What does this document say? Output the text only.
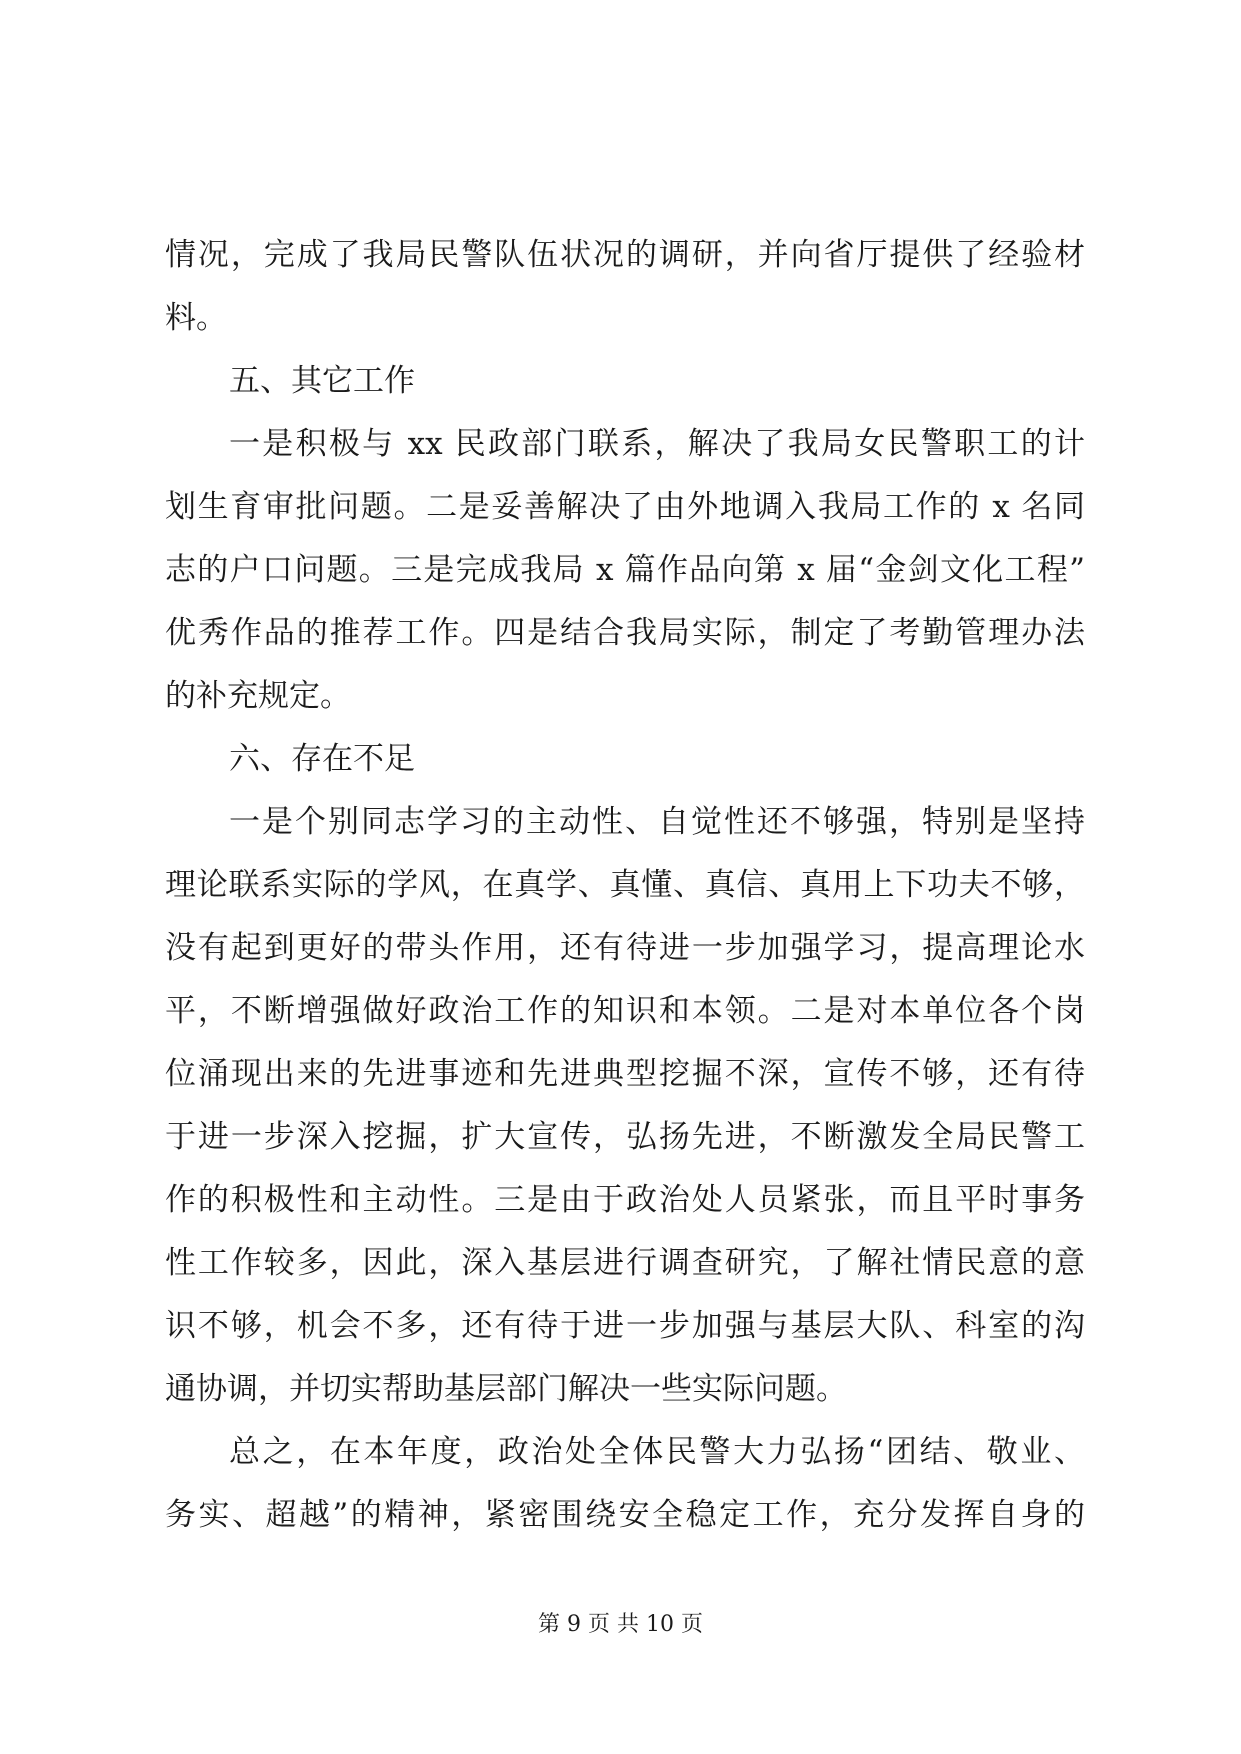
情况，完成了我局民警队伍状况的调研，并向省厅提供了经验材

料。

五、其它工作

一是积极与 xx 民政部门联系，解决了我局女民警职工的计

划生育审批问题。二是妥善解决了由外地调入我局工作的 x 名同

志的户口问题。三是完成我局 x 篇作品向第 x 届“金剑文化工程”

优秀作品的推荐工作。四是结合我局实际，制定了考勤管理办法

的补充规定。

六、存在不足

一是个别同志学习的主动性、自觉性还不够强，特别是坚持

理论联系实际的学风，在真学、真懂、真信、真用上下功夫不够，

没有起到更好的带头作用，还有待进一步加强学习，提高理论水

平，不断增强做好政治工作的知识和本领。二是对本单位各个岗

位涌现出来的先进事迹和先进典型挖掘不深，宣传不够，还有待

于进一步深入挖掘，扩大宣传，弘扬先进，不断激发全局民警工

作的积极性和主动性。三是由于政治处人员紧张，而且平时事务

性工作较多，因此，深入基层进行调查研究，了解社情民意的意

识不够，机会不多，还有待于进一步加强与基层大队、科室的沟

通协调，并切实帮助基层部门解决一些实际问题。

总之，在本年度，政治处全体民警大力弘扬“团结、敬业、

务实、超越”的精神，紧密围绕安全稳定工作，充分发挥自身的

第 9 页 共 10 页
